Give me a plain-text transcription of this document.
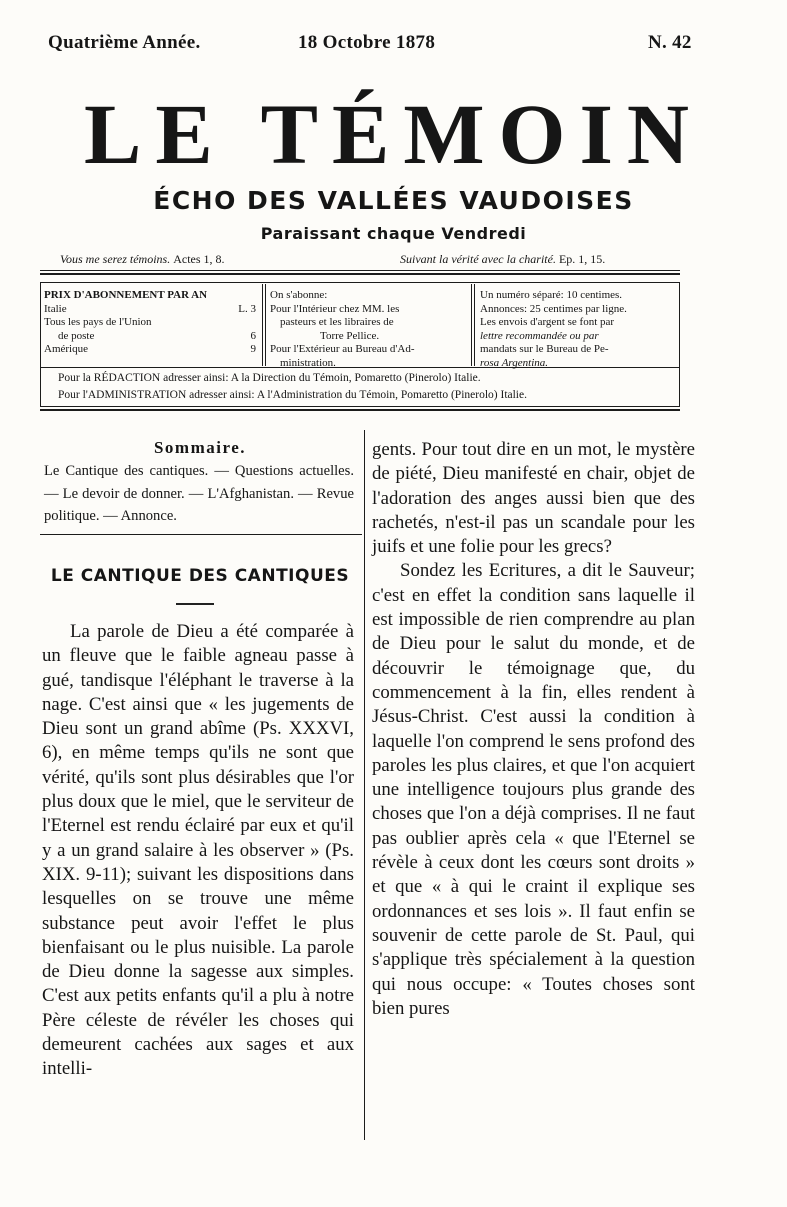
Quatrième Année.	18 Octobre 1878	N. 42
LE TÉMOIN
ÉCHO DES VALLÉES VAUDOISES
Paraissant chaque Vendredi
Vous me serez témoins. Actes 1, 8.	Suivant la vérité avec la charité. Ep. 1, 15.
PRIX D'ABONNEMENT PAR AN
Italie	L. 3
Tous les pays de l'Union
de poste	6
Amérique	9
On s'abonne:
Pour l'Intérieur chez MM. les
pasteurs et les libraires de
Torre Pellice.
Pour l'Extérieur au Bureau d'Ad-
ministration.
Un numéro séparé: 10 centimes.
Annonces: 25 centimes par ligne.
Les envois d'argent se font par
lettre recommandée ou par
mandats sur le Bureau de Pe-
rosa Argentina.
Pour la RÉDACTION adresser ainsi: A la Direction du Témoin, Pomaretto (Pinerolo) Italie.
Pour l'ADMINISTRATION adresser ainsi: A l'Administration du Témoin, Pomaretto (Pinerolo) Italie.
Sommaire.
Le Cantique des cantiques. — Questions actuelles. — Le devoir de donner. — L'Afghanistan. — Revue politique. — Annonce.
LE CANTIQUE DES CANTIQUES

La parole de Dieu a été comparée à un fleuve que le faible agneau passe à gué, tandisque l'éléphant le traverse à la nage. C'est ainsi que « les jugements de Dieu sont un grand abîme (Ps. XXXVI, 6), en même temps qu'ils ne sont que vérité, qu'ils sont plus désirables que l'or plus doux que le miel, que le serviteur de l'Eternel est rendu éclairé par eux et qu'il y a un grand salaire à les observer » (Ps. XIX. 9-11); suivant les dispositions dans lesquelles on se trouve une même substance peut avoir l'effet le plus bienfaisant ou le plus nuisible. La parole de Dieu donne la sagesse aux simples. C'est aux petits enfants qu'il a plu à notre Père céleste de révéler les choses qui demeurent cachées aux sages et aux intelli-

gents. Pour tout dire en un mot, le mystère de piété, Dieu manifesté en chair, objet de l'adoration des anges aussi bien que des rachetés, n'est-il pas un scandale pour les juifs et une folie pour les grecs?

Sondez les Ecritures, a dit le Sauveur; c'est en effet la condition sans laquelle il est impossible de rien comprendre au plan de Dieu pour le salut du monde, et de découvrir le témoignage que, du commencement à la fin, elles rendent à Jésus-Christ. C'est aussi la condition à laquelle l'on comprend le sens profond des paroles les plus claires, et que l'on acquiert une intelligence toujours plus grande des choses que l'on a déjà comprises. Il ne faut pas oublier après cela « que l'Eternel se révèle à ceux dont les cœurs sont droits » et que « à qui le craint il explique ses ordonnances et ses lois ». Il faut enfin se souvenir de cette parole de St. Paul, qui s'applique très spécialement à la question qui nous occupe: « Toutes choses sont bien pures
